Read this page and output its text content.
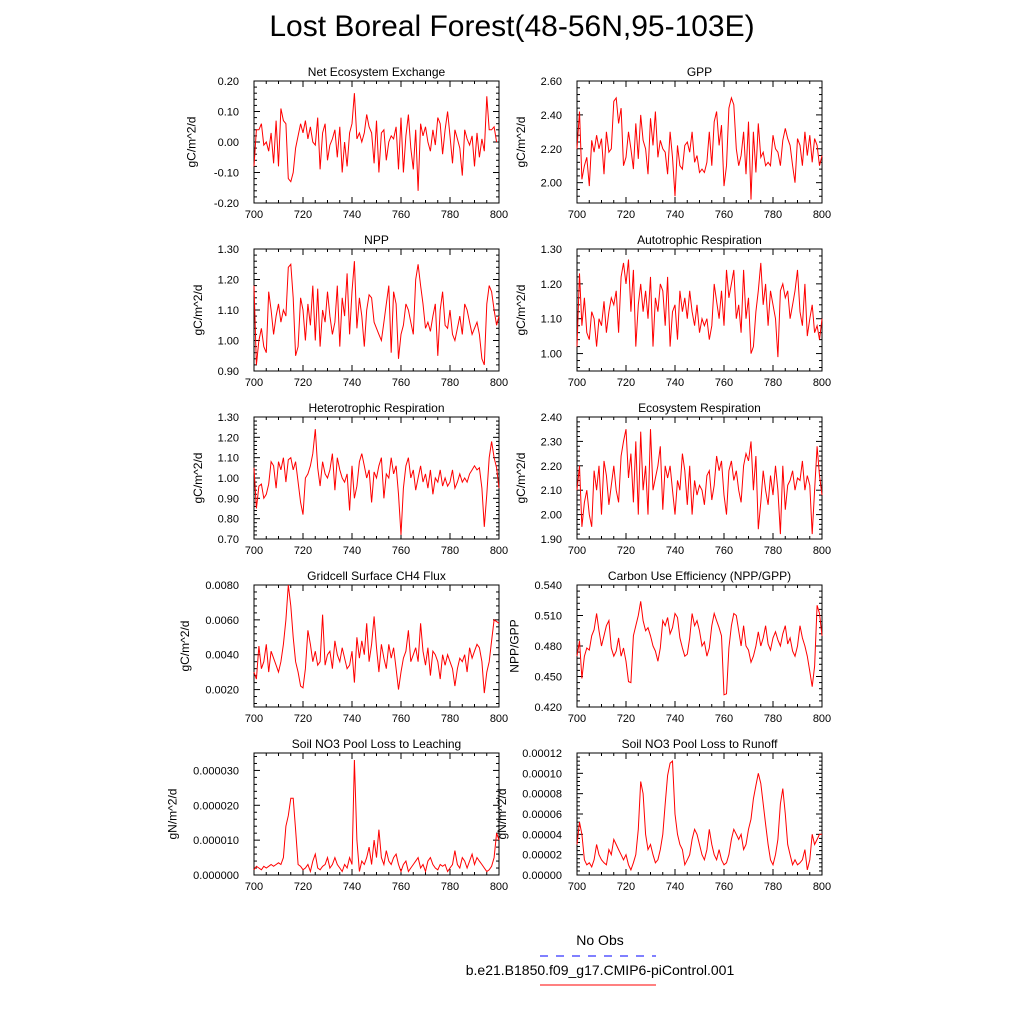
Lost Boreal Forest(48-56N,95-103E)
Net Ecosystem Exchange
700	720	740	760	780	800
-0.20
-0.10
0.00
0.10
0.20
gC/m^2/d
GPP
700	720	740	760	780	800
2.00
2.20
2.40
2.60
gC/m^2/d
NPP
700	720	740	760	780	800
0.90
1.00
1.10
1.20
1.30
gC/m^2/d
Autotrophic Respiration
700	720	740	760	780	800
1.00
1.10
1.20
1.30
gC/m^2/d
Heterotrophic Respiration
700	720	740	760	780	800
0.70
0.80
0.90
1.00
1.10
1.20
1.30
gC/m^2/d
Ecosystem Respiration
700	720	740	760	780	800
1.90
2.00
2.10
2.20
2.30
2.40
gC/m^2/d
Gridcell Surface CH4 Flux
700	720	740	760	780	800
0.0020
0.0040
0.0060
0.0080
gC/m^2/d
Carbon Use Efficiency (NPP/GPP)
700	720	740	760	780	800
0.420
0.450
0.480
0.510
0.540
NPP/GPP
Soil NO3 Pool Loss to Leaching
700	720	740	760	780	800
0.000000
0.000010
0.000020
0.000030
gN/m^2/d
Soil NO3 Pool Loss to Runoff
700	720	740	760	780	800
0.00000
0.00002
0.00004
0.00006
0.00008
0.00010
0.00012
gN/m^2/d
No Obs
b.e21.B1850.f09_g17.CMIP6-piControl.001
